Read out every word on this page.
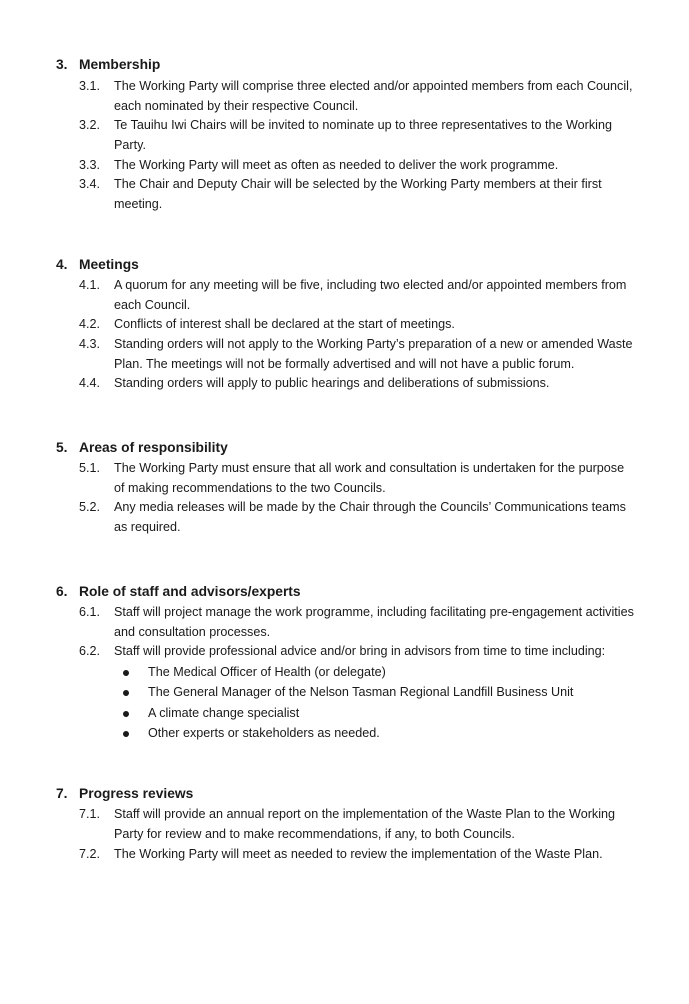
3. Membership
3.1.	The Working Party will comprise three elected and/or appointed members from each Council, each nominated by their respective Council.
3.2.	Te Tauihu Iwi Chairs will be invited to nominate up to three representatives to the Working Party.
3.3.	The Working Party will meet as often as needed to deliver the work programme.
3.4.	The Chair and Deputy Chair will be selected by the Working Party members at their first meeting.
4. Meetings
4.1.	A quorum for any meeting will be five, including two elected and/or appointed members from each Council.
4.2.	Conflicts of interest shall be declared at the start of meetings.
4.3.	Standing orders will not apply to the Working Party’s preparation of a new or amended Waste Plan. The meetings will not be formally advertised and will not have a public forum.
4.4.	Standing orders will apply to public hearings and deliberations of submissions.
5. Areas of responsibility
5.1.	The Working Party must ensure that all work and consultation is undertaken for the purpose of making recommendations to the two Councils.
5.2.	Any media releases will be made by the Chair through the Councils’ Communications teams as required.
6. Role of staff and advisors/experts
6.1.	Staff will project manage the work programme, including facilitating pre-engagement activities and consultation processes.
6.2.	Staff will provide professional advice and/or bring in advisors from time to time including:
The Medical Officer of Health (or delegate)
The General Manager of the Nelson Tasman Regional Landfill Business Unit
A climate change specialist
Other experts or stakeholders as needed.
7. Progress reviews
7.1.	Staff will provide an annual report on the implementation of the Waste Plan to the Working Party for review and to make recommendations, if any, to both Councils.
7.2.	The Working Party will meet as needed to review the implementation of the Waste Plan.
